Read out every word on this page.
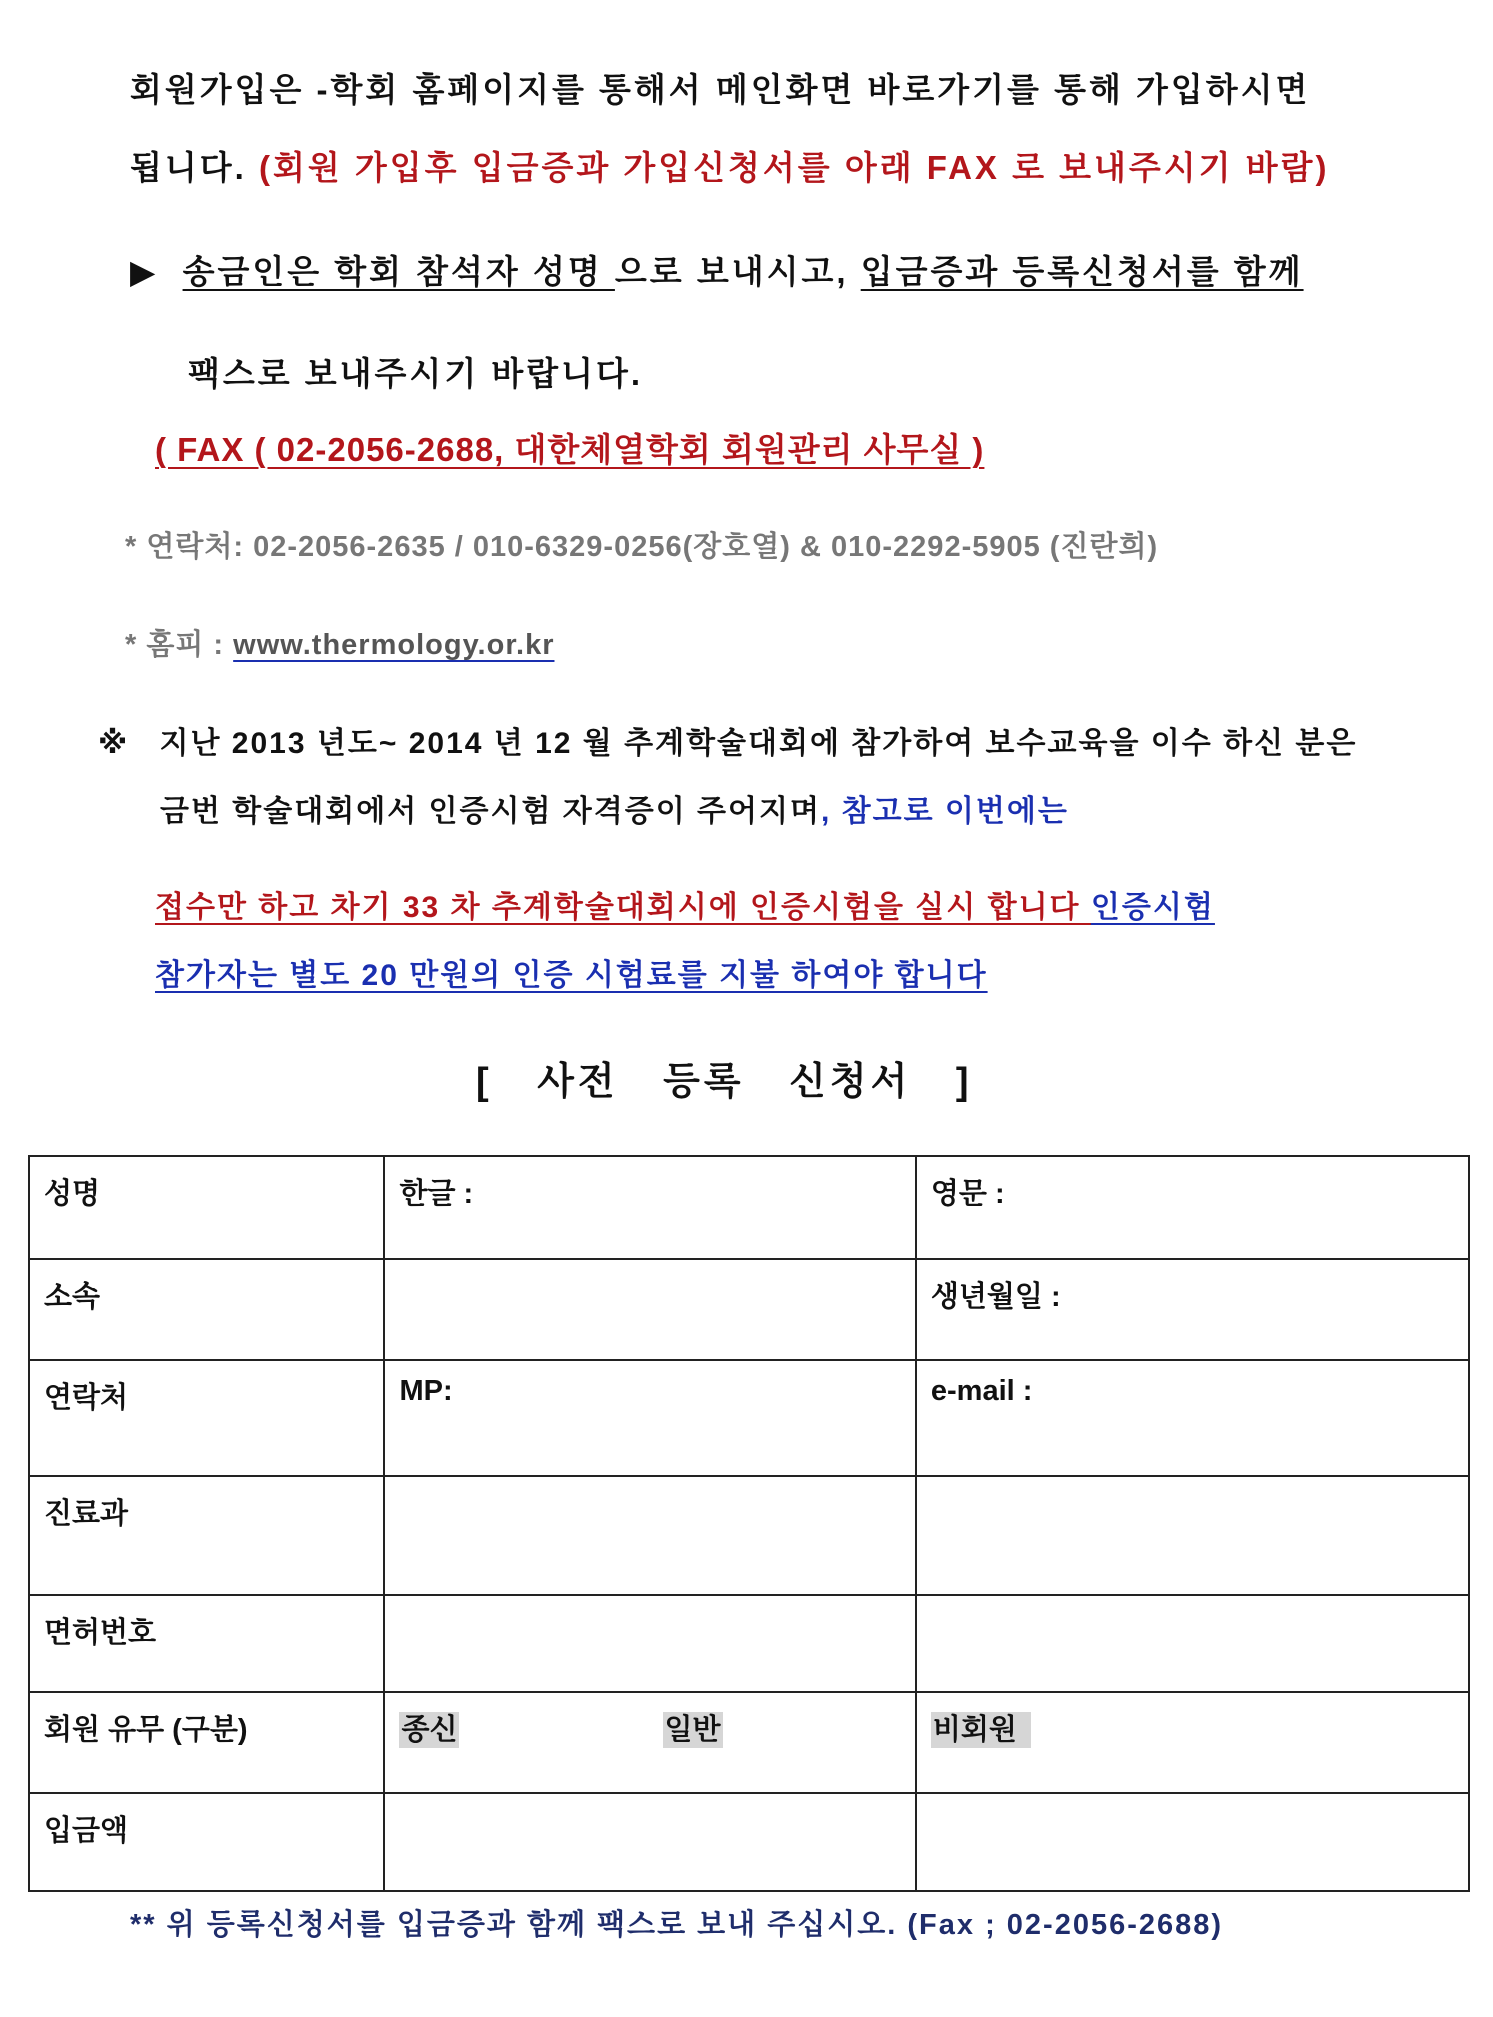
회원가입은 -학회 홈페이지를 통해서 메인화면 바로가기를 통해 가입하시면
됩니다. (회원 가입후 입금증과 가입신청서를 아래 FAX 로 보내주시기 바람)
▶ 송금인은 학회 참석자 성명 으로 보내시고, 입금증과 등록신청서를 함께
팩스로 보내주시기 바랍니다.
( FAX ( 02-2056-2688, 대한체열학회 회원관리 사무실 )
* 연락처: 02-2056-2635 / 010-6329-0256(장호열) & 010-2292-5905 (진란희)
* 홈피 : www.thermology.or.kr
※ 지난 2013 년도~ 2014 년 12 월 추계학술대회에 참가하여 보수교육을 이수 하신 분은
금번 학술대회에서 인증시험 자격증이 주어지며, 참고로 이번에는
접수만 하고 차기 33 차 추계학술대회시에 인증시험을 실시 합니다 인증시험
참가자는 별도 20 만원의 인증 시험료를 지불 하여야 합니다
[ 사전 등록 신청서 ]
성명	한글 :	영문 :
소속		생년월일 :
연락처	MP:	e-mail :
진료과		
면허번호		
회원 유무 (구분)	종신 일반	비회원
입금액		
** 위 등록신청서를 입금증과 함께 팩스로 보내 주십시오. (Fax ; 02-2056-2688)
